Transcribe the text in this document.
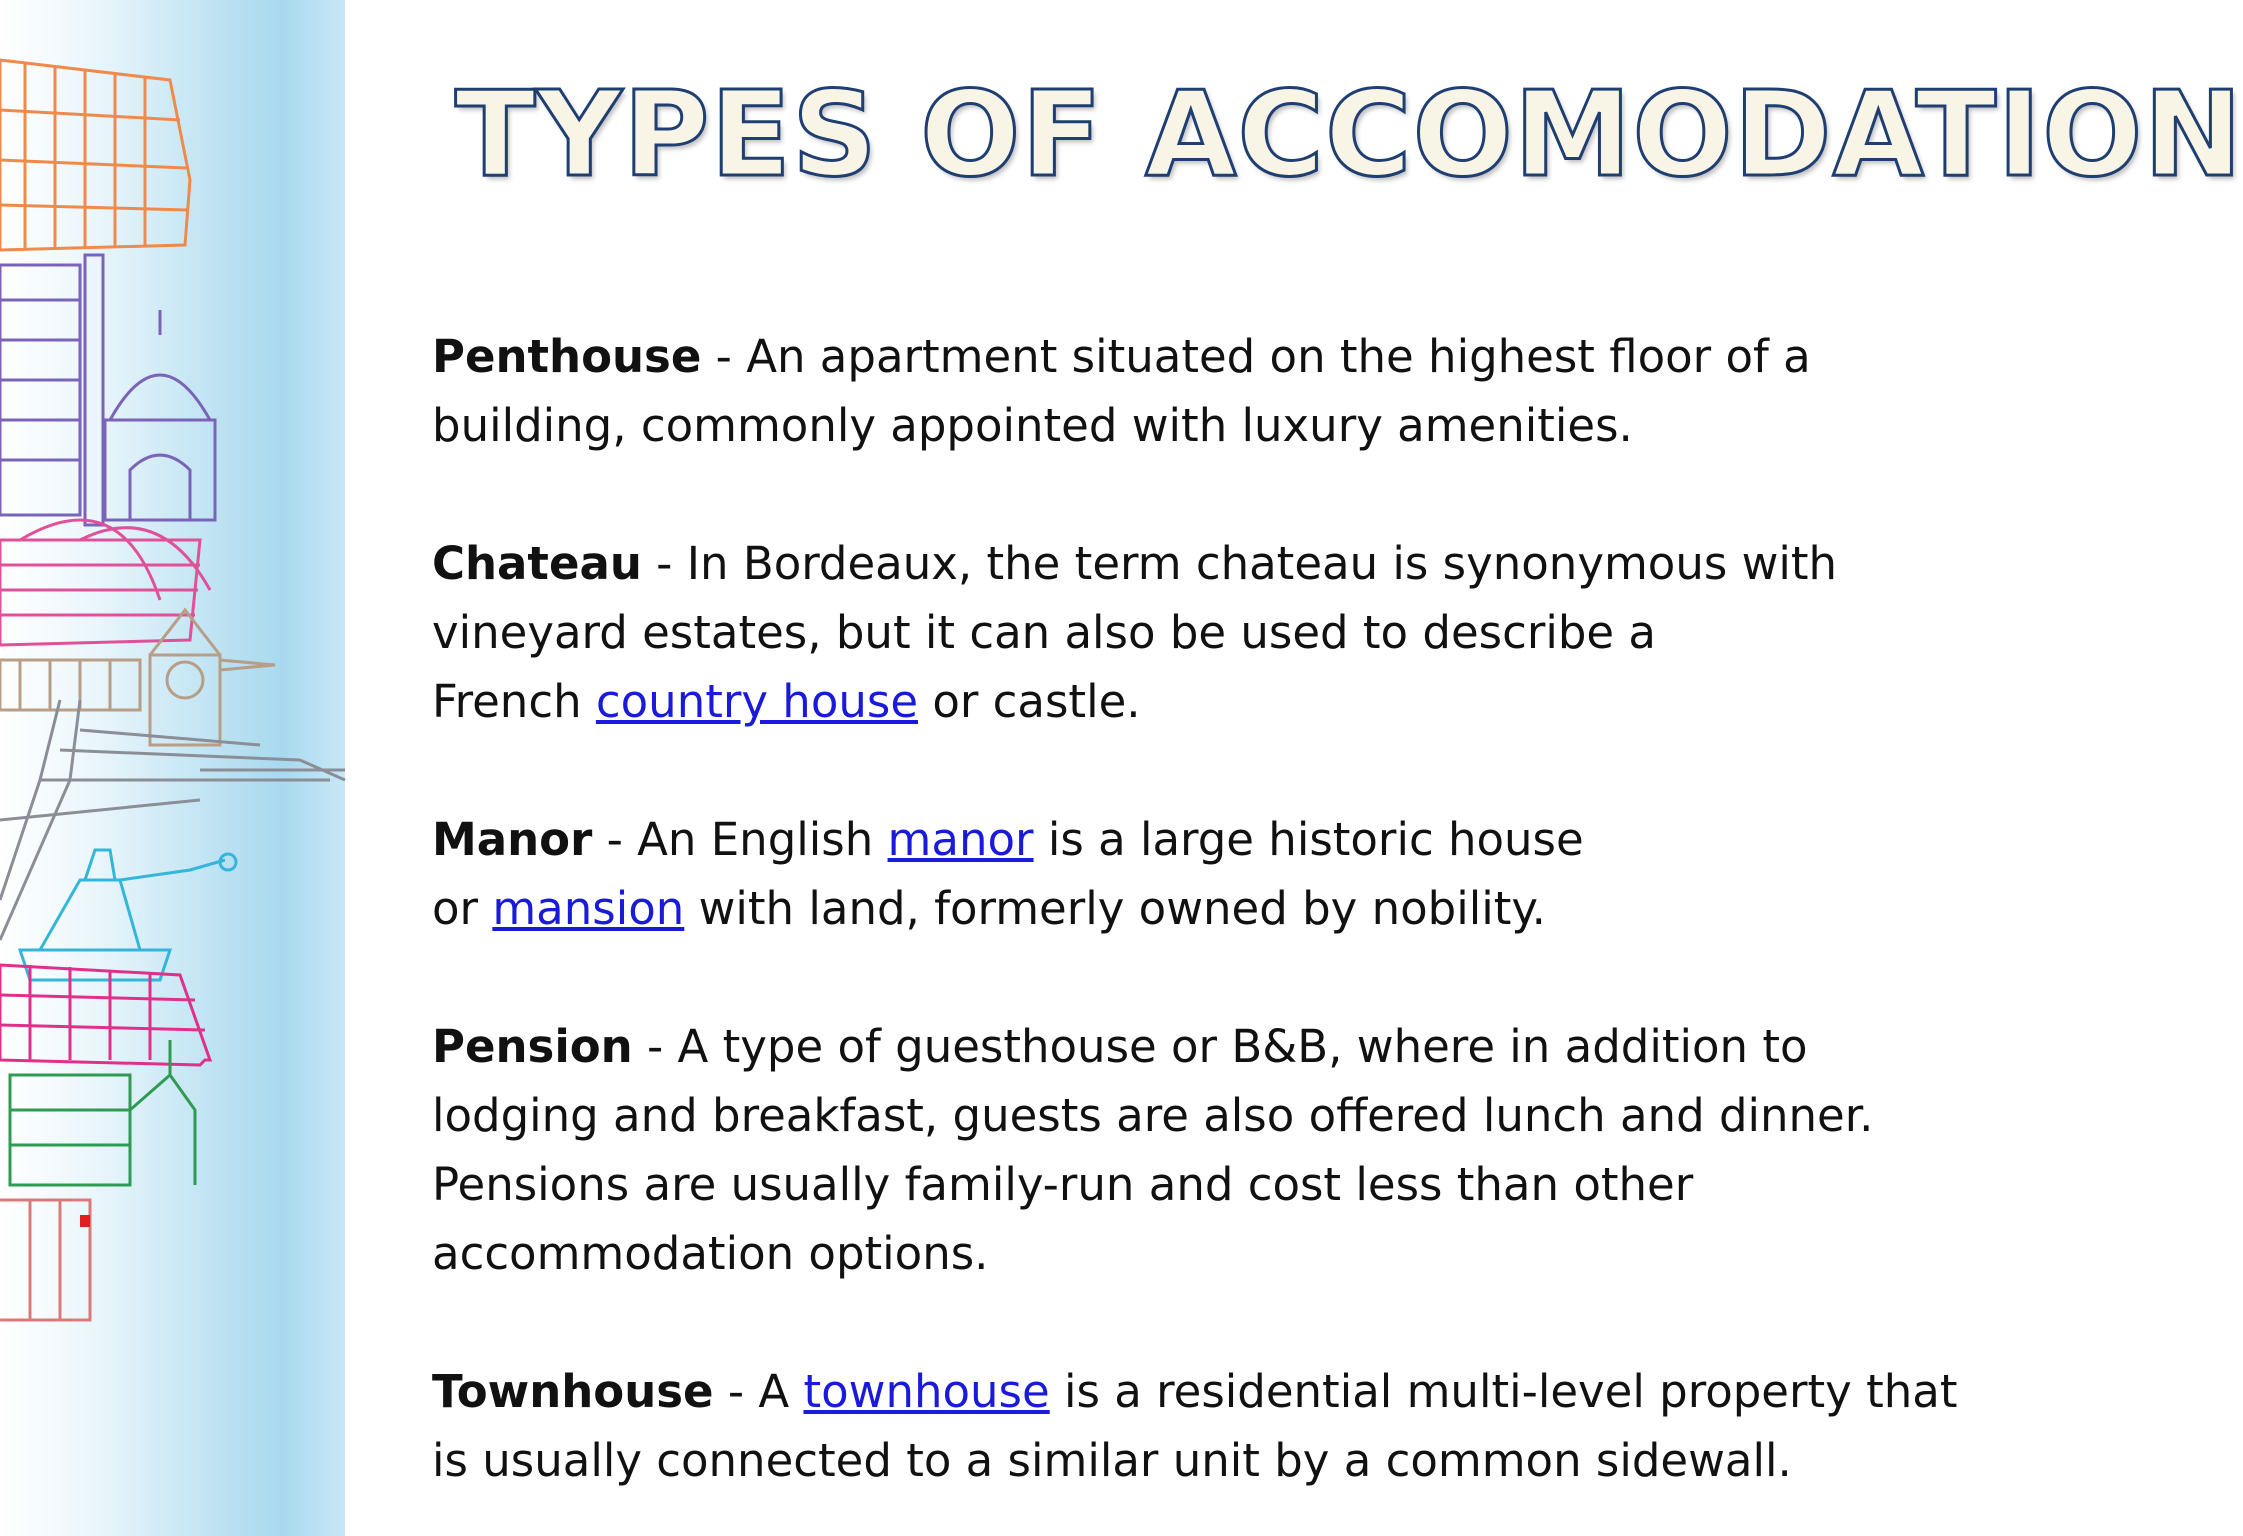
TYPES OF ACCOMODATION

Penthouse - An apartment situated on the highest floor of a
building, commonly appointed with luxury amenities.

Chateau - In Bordeaux, the term chateau is synonymous with
vineyard estates, but it can also be used to describe a
French country house or castle.

Manor - An English manor is a large historic house
or mansion with land, formerly owned by nobility.

Pension - A type of guesthouse or B&B, where in addition to
lodging and breakfast, guests are also offered lunch and dinner.
Pensions are usually family-run and cost less than other
accommodation options.

Townhouse - A townhouse is a residential multi-level property that
is usually connected to a similar unit by a common sidewall.
